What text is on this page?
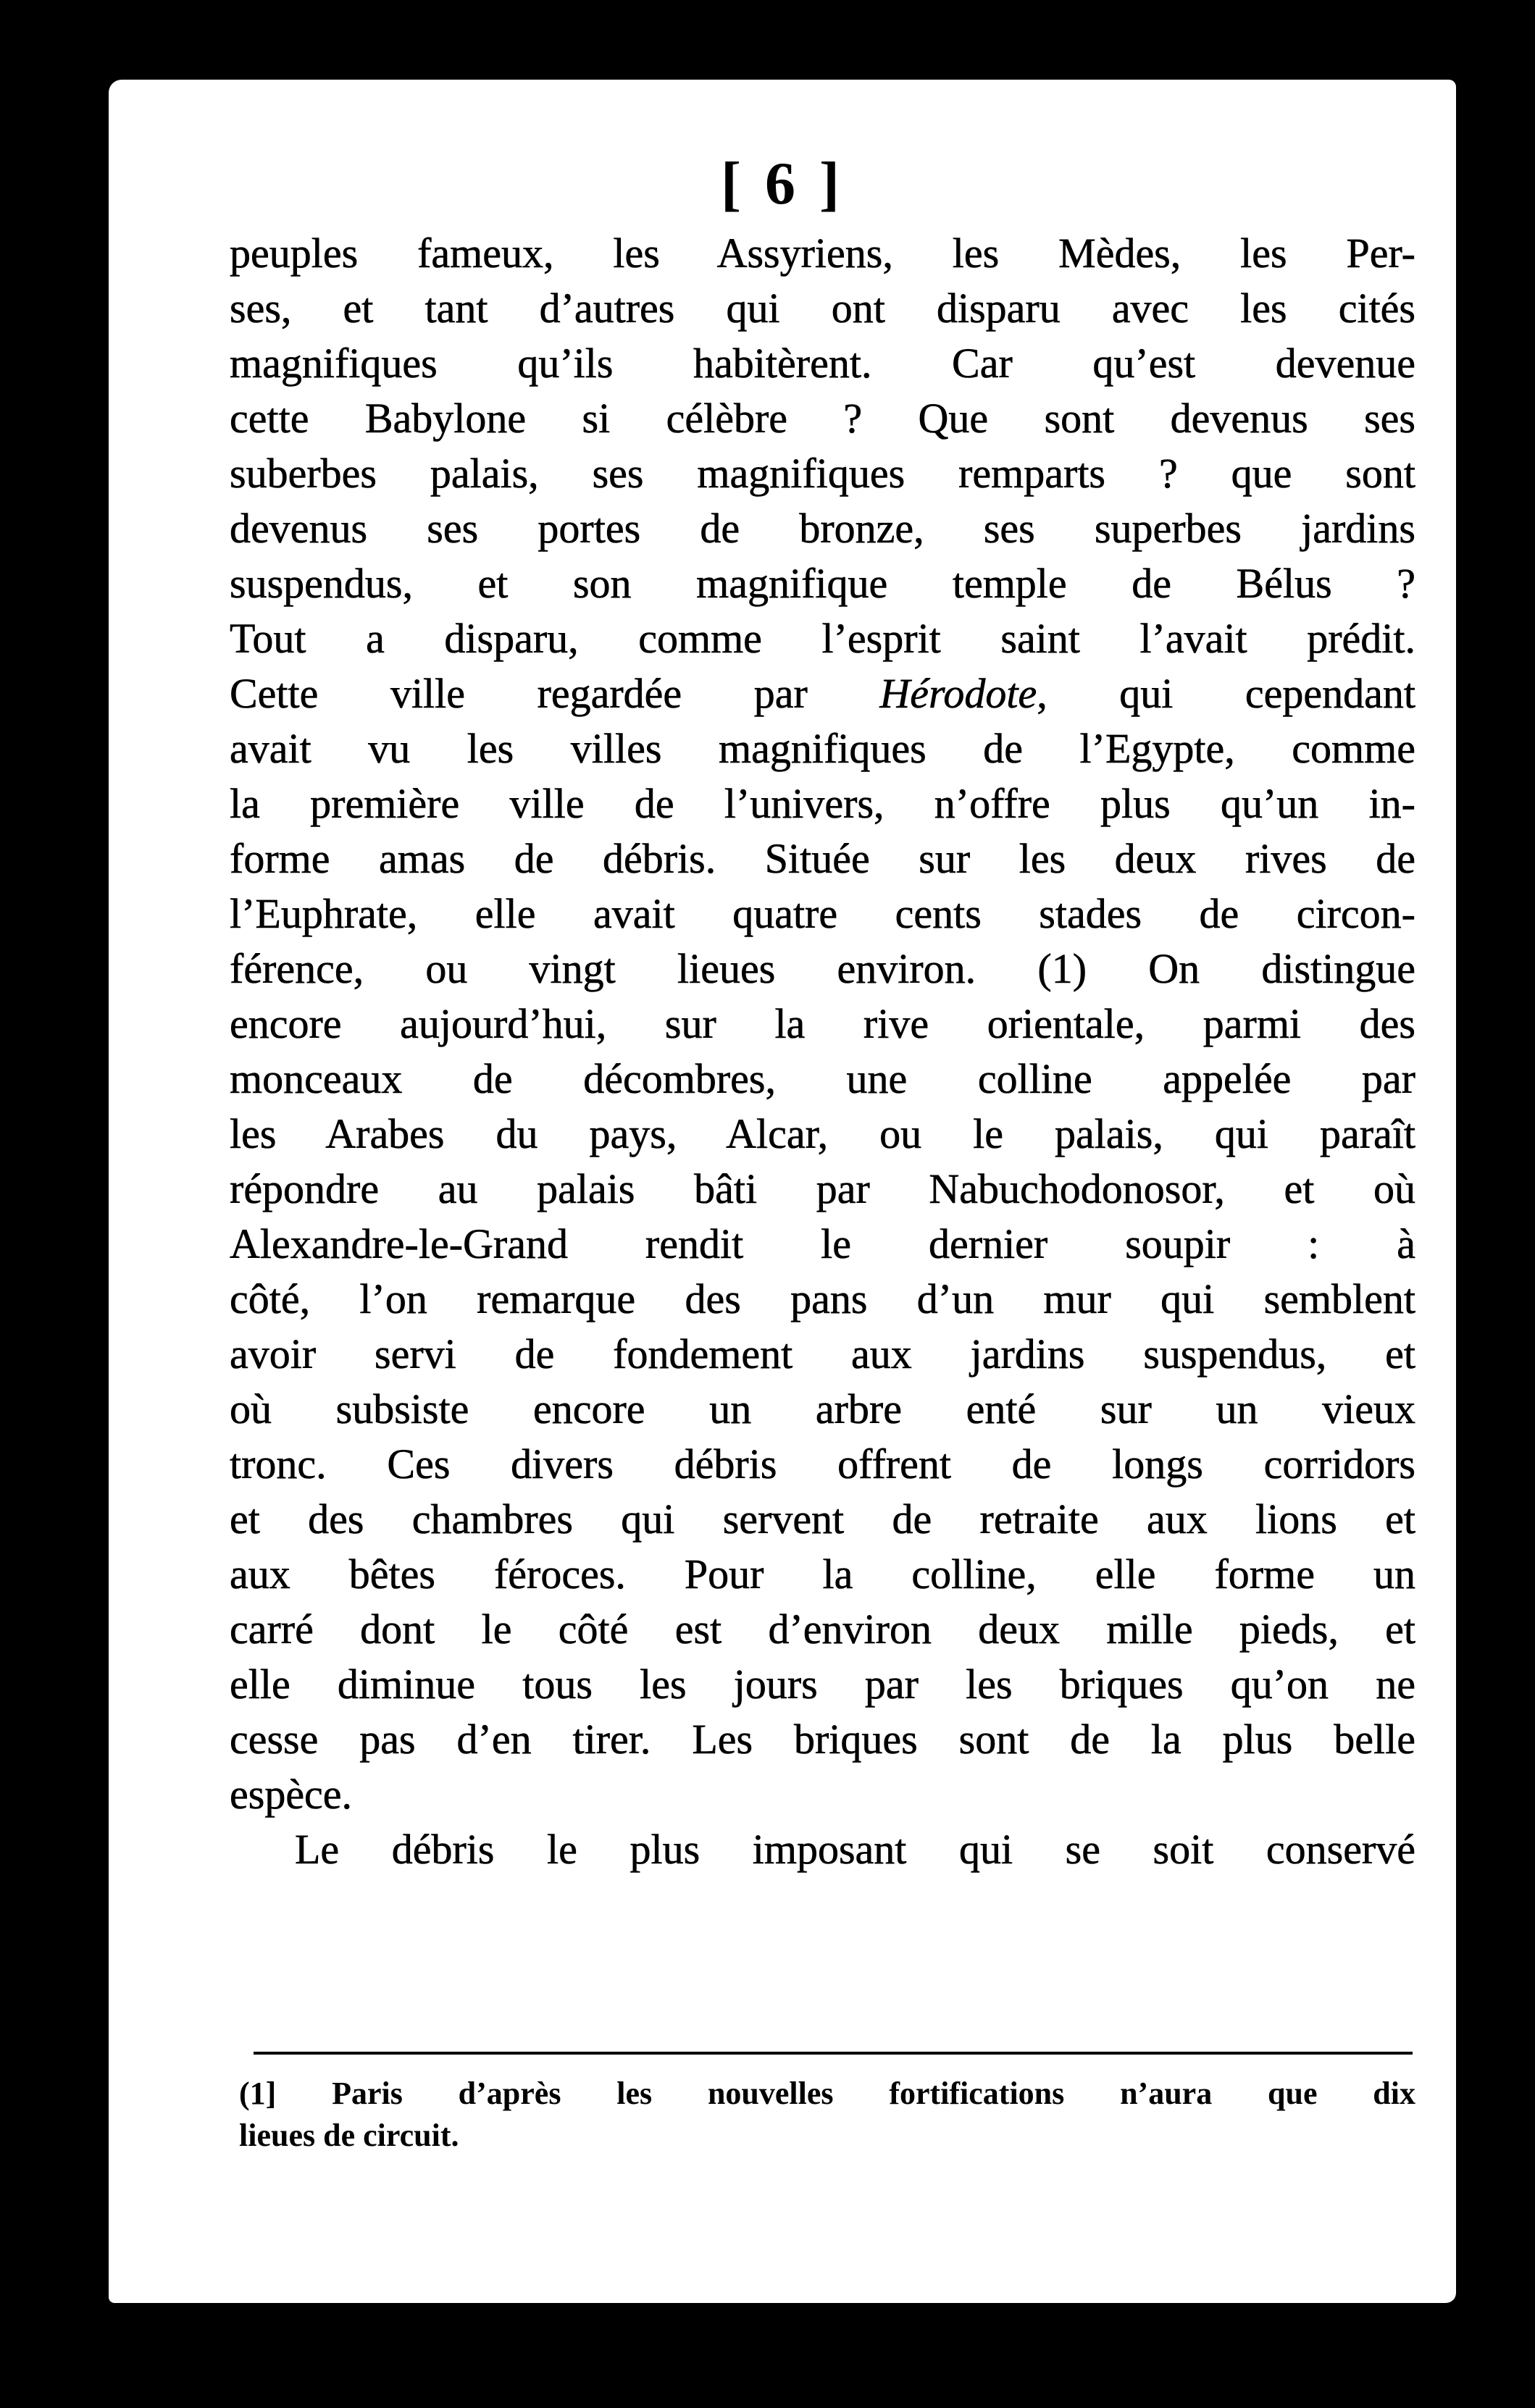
[ 6 ]
peuples fameux, les Assyriens, les Mèdes, les Per-
ses, et tant d’autres qui ont disparu avec les cités
magnifiques qu’ils habitèrent. Car qu’est devenue
cette Babylone si célèbre ? Que sont devenus ses
suberbes palais, ses magnifiques remparts ? que sont
devenus ses portes de bronze, ses superbes jardins
suspendus, et son magnifique temple de Bélus ?
Tout a disparu, comme l’esprit saint l’avait prédit.
Cette ville regardée par Hérodote, qui cependant
avait vu les villes magnifiques de l’Egypte, comme
la première ville de l’univers, n’offre plus qu’un in-
forme amas de débris. Située sur les deux rives de
l’Euphrate, elle avait quatre cents stades de circon-
férence, ou vingt lieues environ. (1) On distingue
encore aujourd’hui, sur la rive orientale, parmi des
monceaux de décombres, une colline appelée par
les Arabes du pays, Alcar, ou le palais, qui paraît
répondre au palais bâti par Nabuchodonosor, et où
Alexandre-le-Grand rendit le dernier soupir : à
côté, l’on remarque des pans d’un mur qui semblent
avoir servi de fondement aux jardins suspendus, et
où subsiste encore un arbre enté sur un vieux
tronc. Ces divers débris offrent de longs corridors
et des chambres qui servent de retraite aux lions et
aux bêtes féroces. Pour la colline, elle forme un
carré dont le côté est d’environ deux mille pieds, et
elle diminue tous les jours par les briques qu’on ne
cesse pas d’en tirer. Les briques sont de la plus belle
espèce.
Le débris le plus imposant qui se soit conservé
(1] Paris d’après les nouvelles fortifications n’aura que dix
lieues de circuit.
